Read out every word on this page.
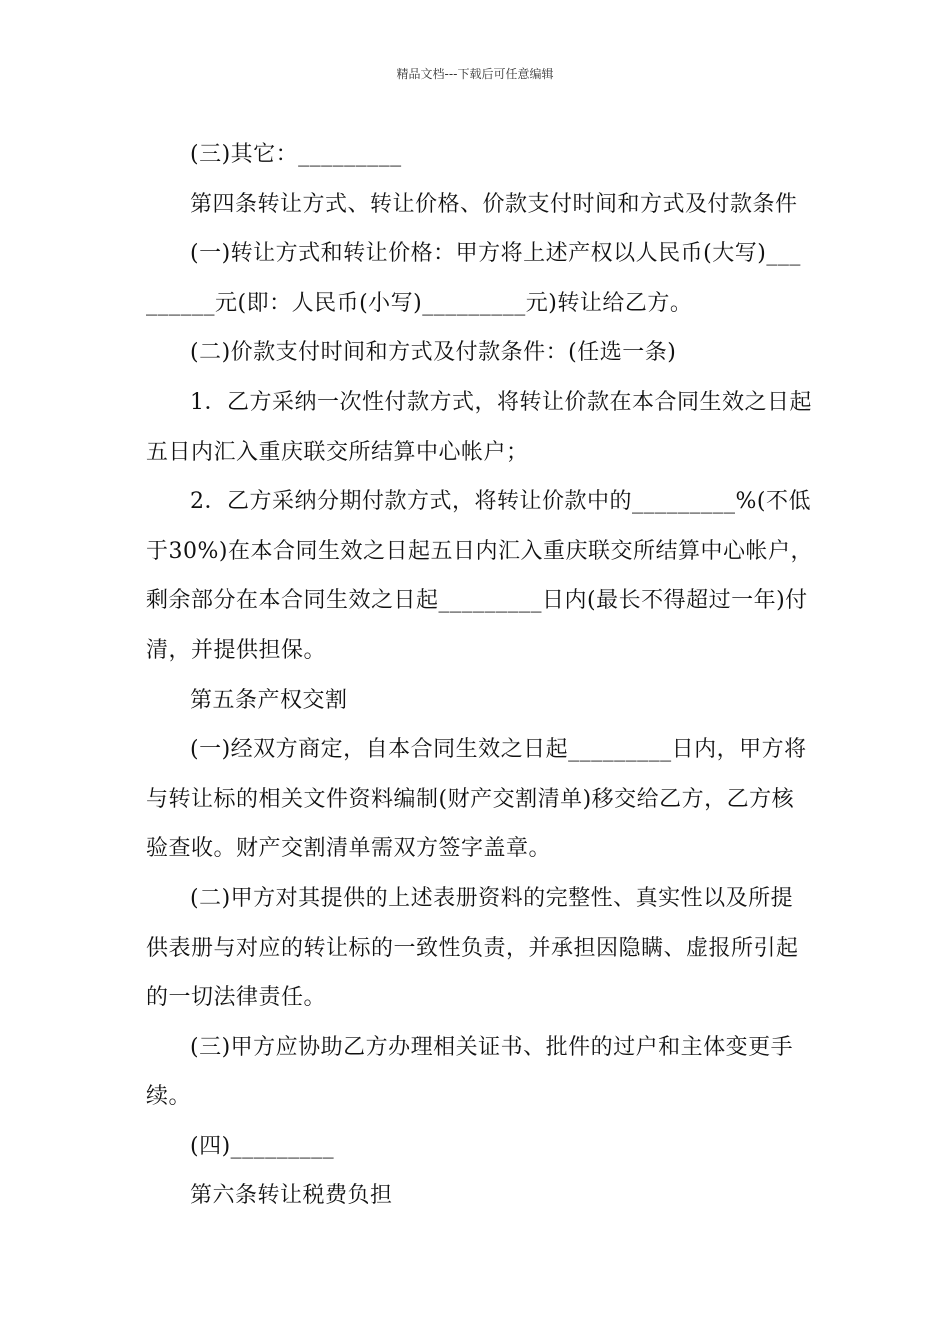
精品文档---下载后可任意编辑
(三)其它：_________
第四条转让方式、转让价格、价款支付时间和方式及付款条件
(一)转让方式和转让价格：甲方将上述产权以人民币(大写)___
______元(即：人民币(小写)_________元)转让给乙方。
(二)价款支付时间和方式及付款条件：(任选一条)
1．乙方采纳一次性付款方式，将转让价款在本合同生效之日起
五日内汇入重庆联交所结算中心帐户；
2．乙方采纳分期付款方式，将转让价款中的_________%(不低
于30%)在本合同生效之日起五日内汇入重庆联交所结算中心帐户，
剩余部分在本合同生效之日起_________日内(最长不得超过一年)付
清，并提供担保。
第五条产权交割
(一)经双方商定，自本合同生效之日起_________日内，甲方将
与转让标的相关文件资料编制(财产交割清单)移交给乙方，乙方核
验查收。财产交割清单需双方签字盖章。
(二)甲方对其提供的上述表册资料的完整性、真实性以及所提
供表册与对应的转让标的一致性负责，并承担因隐瞒、虚报所引起
的一切法律责任。
(三)甲方应协助乙方办理相关证书、批件的过户和主体变更手
续。
(四)_________
第六条转让税费负担
